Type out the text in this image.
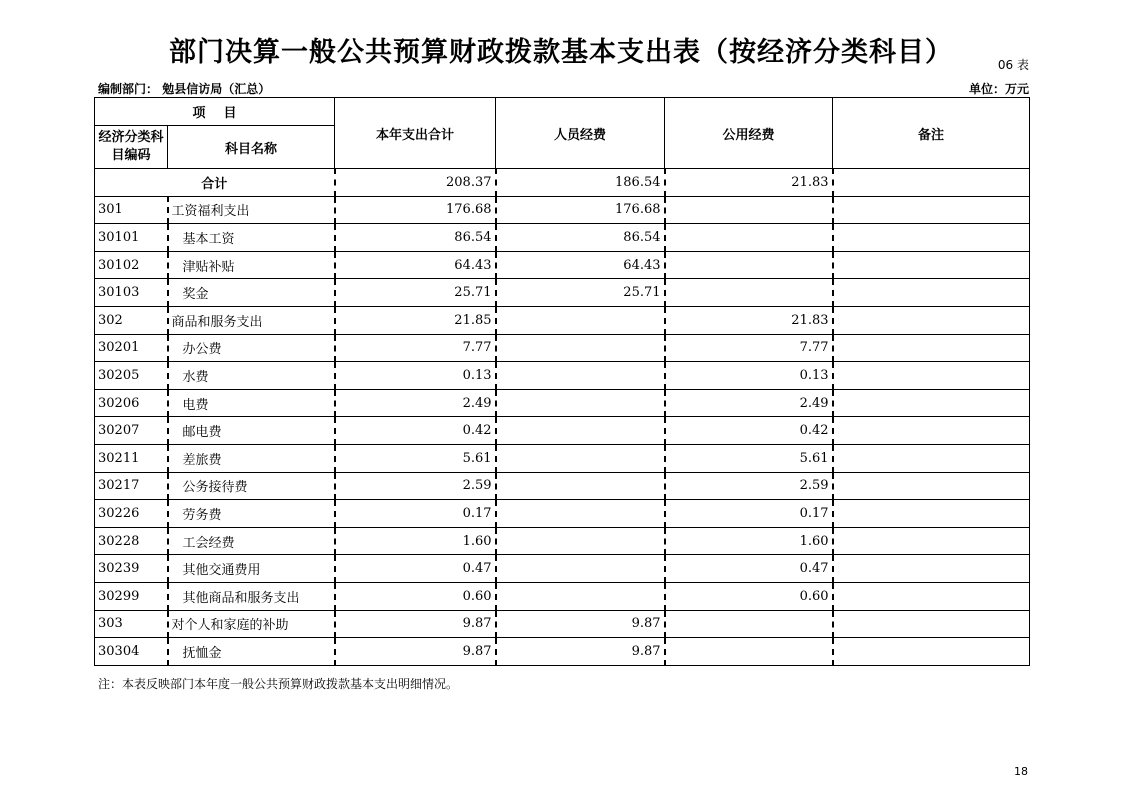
部门决算一般公共预算财政拨款基本支出表（按经济分类科目）	06 表
编制部门： 勉县信访局（汇总）	单位：万元
项    目		本年支出合计	人员经费	公用经费	备注
经济分类科目编码	科目名称				
合计		208.37	186.54	21.83	
301	工资福利支出	176.68	176.68		
30101	基本工资	86.54	86.54		
30102	津贴补贴	64.43	64.43		
30103	奖金	25.71	25.71		
302	商品和服务支出	21.85		21.83	
30201	办公费	7.77		7.77	
30205	水费	0.13		0.13	
30206	电费	2.49		2.49	
30207	邮电费	0.42		0.42	
30211	差旅费	5.61		5.61	
30217	公务接待费	2.59		2.59	
30226	劳务费	0.17		0.17	
30228	工会经费	1.60		1.60	
30239	其他交通费用	0.47		0.47	
30299	其他商品和服务支出	0.60		0.60	
303	对个人和家庭的补助	9.87	9.87		
30304	抚恤金	9.87	9.87		
注：本表反映部门本年度一般公共预算财政拨款基本支出明细情况。
18
